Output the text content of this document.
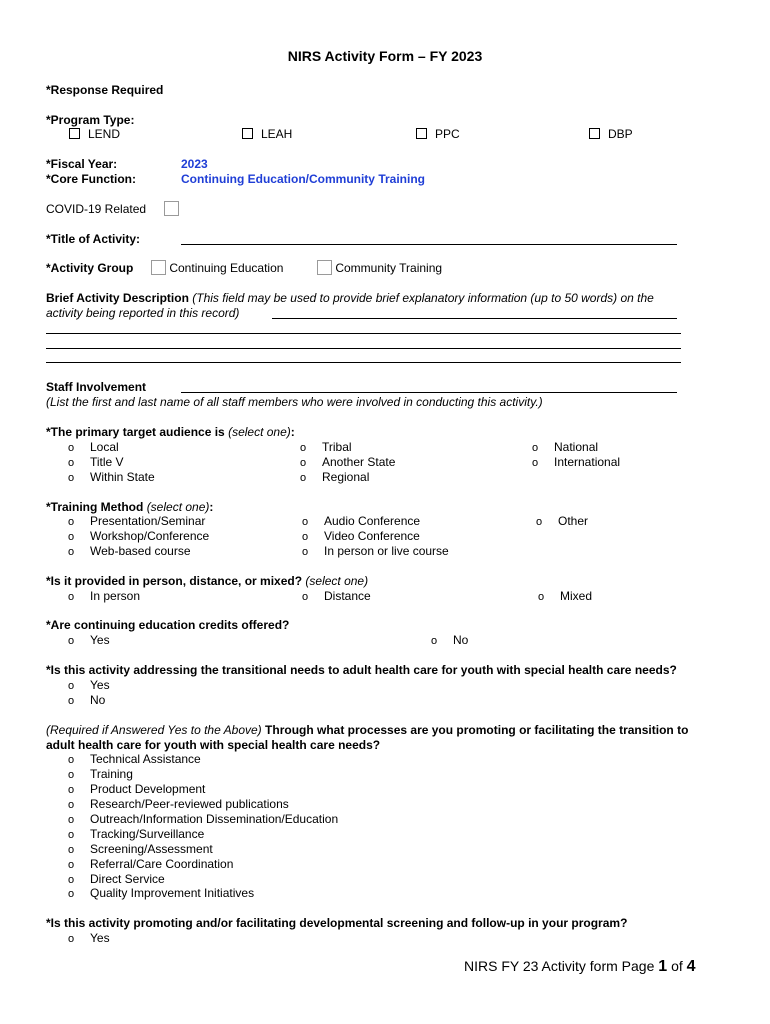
NIRS Activity Form – FY 2023
*Response Required
*Program Type:
LEND	LEAH	PPC	DBP
*Fiscal Year:	2023
*Core Function:	Continuing Education/Community Training
COVID-19 Related
*Title of Activity:
*Activity Group	Continuing Education	Community Training
Brief Activity Description (This field may be used to provide brief explanatory information (up to 50 words) on the
activity being reported in this record)
Staff Involvement
(List the first and last name of all staff members who were involved in conducting this activity.)
*The primary target audience is (select one):
o Local
o Title V
o Within State
o Tribal
o Another State
o Regional
o National
o International
*Training Method (select one):
o Presentation/Seminar
o Workshop/Conference
o Web-based course
o Audio Conference
o Video Conference
o In person or live course
o Other
*Is it provided in person, distance, or mixed? (select one)
o In person	o Distance	o Mixed
*Are continuing education credits offered?
o Yes	o No
*Is this activity addressing the transitional needs to adult health care for youth with special health care needs?
o Yes
o No
(Required if Answered Yes to the Above) Through what processes are you promoting or facilitating the transition to
adult health care for youth with special health care needs?
o Technical Assistance
o Training
o Product Development
o Research/Peer-reviewed publications
o Outreach/Information Dissemination/Education
o Tracking/Surveillance
o Screening/Assessment
o Referral/Care Coordination
o Direct Service
o Quality Improvement Initiatives
*Is this activity promoting and/or facilitating developmental screening and follow-up in your program?
o Yes
NIRS FY 23 Activity form Page 1 of 4
